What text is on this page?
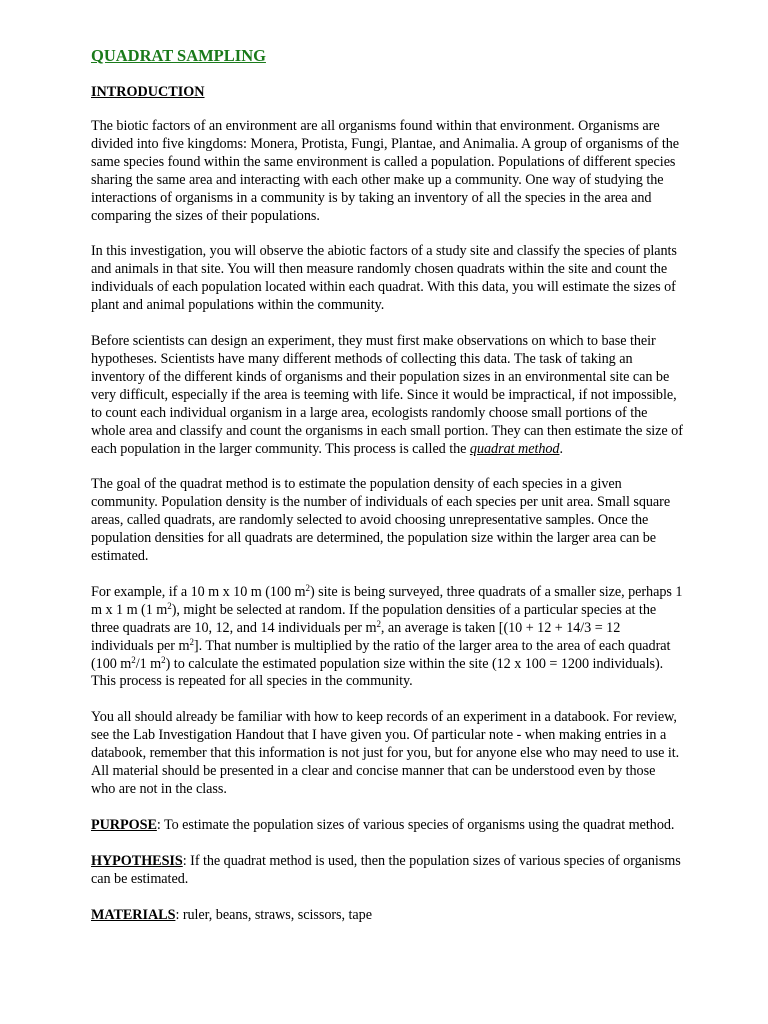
QUADRAT SAMPLING
INTRODUCTION

The biotic factors of an environment are all organisms found within that environment. Organisms are divided into five kingdoms: Monera, Protista, Fungi, Plantae, and Animalia. A group of organisms of the same species found within the same environment is called a population. Populations of different species sharing the same area and interacting with each other make up a community. One way of studying the interactions of organisms in a community is by taking an inventory of all the species in the area and comparing the sizes of their populations.

In this investigation, you will observe the abiotic factors of a study site and classify the species of plants and animals in that site. You will then measure randomly chosen quadrats within the site and count the individuals of each population located within each quadrat. With this data, you will estimate the sizes of plant and animal populations within the community.

Before scientists can design an experiment, they must first make observations on which to base their hypotheses. Scientists have many different methods of collecting this data. The task of taking an inventory of the different kinds of organisms and their population sizes in an environmental site can be very difficult, especially if the area is teeming with life. Since it would be impractical, if not impossible, to count each individual organism in a large area, ecologists randomly choose small portions of the whole area and classify and count the organisms in each small portion. They can then estimate the size of each population in the larger community. This process is called the quadrat method.

The goal of the quadrat method is to estimate the population density of each species in a given community. Population density is the number of individuals of each species per unit area. Small square areas, called quadrats, are randomly selected to avoid choosing unrepresentative samples. Once the population densities for all quadrats are determined, the population size within the larger area can be estimated.

For example, if a 10 m x 10 m (100 $m^2$) site is being surveyed, three quadrats of a smaller size, perhaps 1 m x 1 m (1 $m^2$), might be selected at random. If the population densities of a particular species at the three quadrats are 10, 12, and 14 individuals per $m^2$, an average is taken [(10 + 12 + 14/3 = 12 individuals per $m^2$]. That number is multiplied by the ratio of the larger area to the area of each quadrat (100 $m^2/1$ $m^2$) to calculate the estimated population size within the site (12 x 100 = 1200 individuals). This process is repeated for all species in the community.

You all should already be familiar with how to keep records of an experiment in a databook. For review, see the Lab Investigation Handout that I have given you. Of particular note - when making entries in a databook, remember that this information is not just for you, but for anyone else who may need to use it. All material should be presented in a clear and concise manner that can be understood even by those who are not in the class.

PURPOSE: To estimate the population sizes of various species of organisms using the quadrat method.

HYPOTHESIS: If the quadrat method is used, then the population sizes of various species of organisms can be estimated.

MATERIALS: ruler, beans, straws, scissors, tape
